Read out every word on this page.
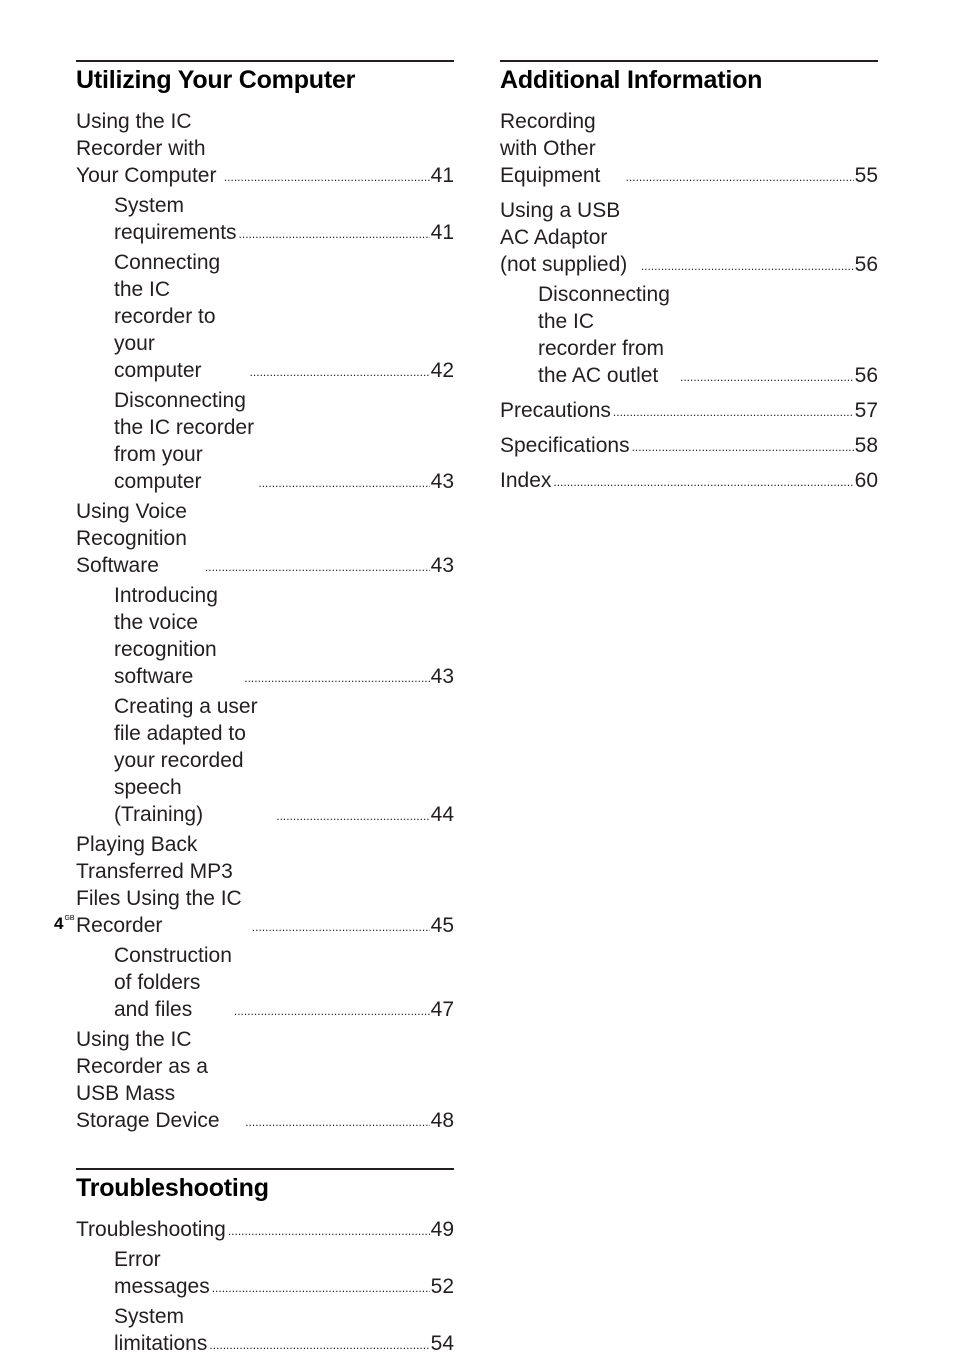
Utilizing Your Computer
Using the IC Recorder with Your Computer .....	41
System requirements .....	41
Connecting the IC recorder to your computer .....	42
Disconnecting the IC recorder from your computer .....	43
Using Voice Recognition Software .....	43
Introducing the voice recognition software .....	43
Creating a user file adapted to your recorded speech (Training) .....	44
Playing Back Transferred MP3 Files Using the IC Recorder .....	45
Construction of folders and files .....	47
Using the IC Recorder as a USB Mass Storage Device .....	48
Troubleshooting
Troubleshooting .....	49
Error messages .....	52
System limitations .....	54
Additional Information
Recording with Other Equipment .....	55
Using a USB AC Adaptor (not supplied) .....	56
Disconnecting the IC recorder from the AC outlet .....	56
Precautions .....	57
Specifications .....	58
Index .....	60
$4^{GB}$
